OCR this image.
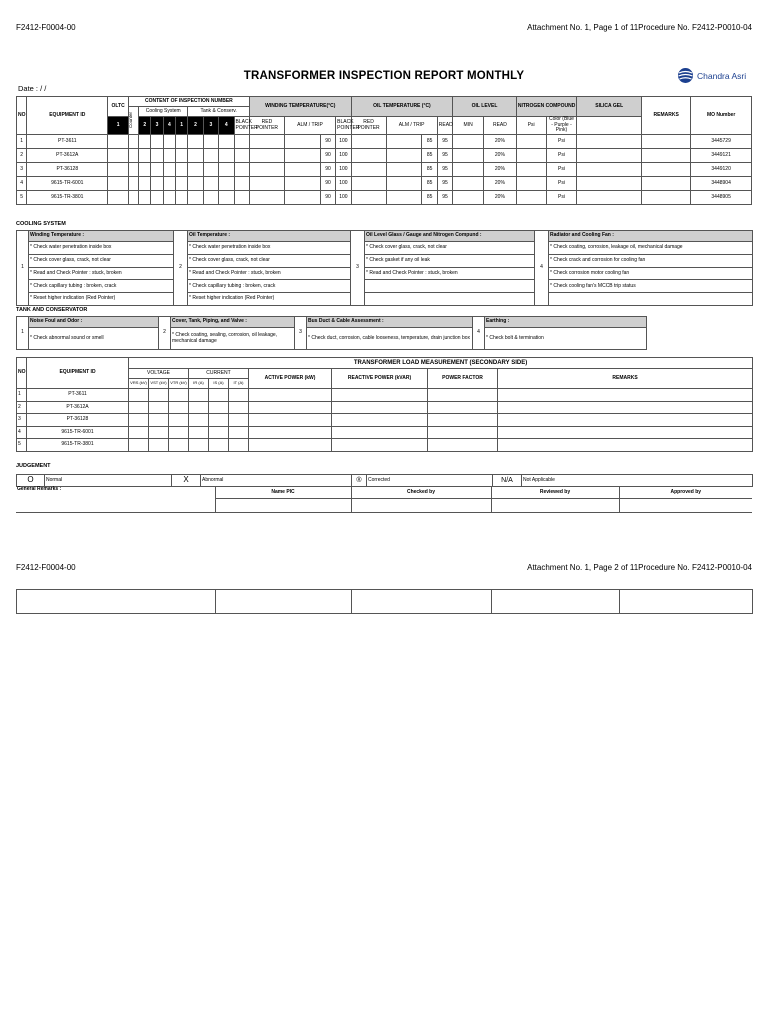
F2412-F0004-00	Attachment No. 1, Page 1 of 11Procedure No. F2412-P0010-04
TRANSFORMER INSPECTION REPORT MONTHLY
Date : / /
Chandra Asri
NO	EQUIPMENT ID	OLTC	CONTENT OF INSPECTION NUMBER									WINDING TEMPERATURE(°C)				OIL TEMPERATURE (°C)				OIL LEVEL		NITROGEN COMPOUND		SILICA GEL	REMARKS	MO Number

			Counter	Cooling System				Tank & Conserv.																		
		1		2	3	4	1	2	3	4	BLACK POINTER	RED POINTER	ALM / TRIP		BLACK POINTER	RED POINTER	ALM / TRIP		READ	MIN	READ	Psi	Color (Blue - Purple - Pink)			
1	PT-3611													90	100			85	95		20%		Psi			3445729
2	PT-3612A													90	100			85	95		20%		Psi			3449121
3	PT-36128													90	100			85	95		20%		Psi			3449120
4	9615-TR-6001													90	100			85	95		20%		Psi			3448904
5	9615-TR-3801													90	100			85	95		20%		Psi			3448905
COOLING SYSTEM
1	Winding Temperature :	2	Oil Temperature :	3	Oil Level Glass / Gauge and Nitrogen Compund :	4	Radiator and Cooling Fan :
	* Check water penetration inside box		* Check water penetration inside box		* Check cover glass, crack, not clear		* Check coating, corrosion, leakage oil, mechanical damage
	* Check cover glass, crack, not clear		* Check cover glass, crack, not clear		* Check gasket if any oil leak		* Check crack and corrosion for cooling fan
	* Read and Check Pointer : stuck, broken		* Read and Check Pointer : stuck, broken		* Read and Check Pointer : stuck, broken		* Check corrosion motor cooling fan
	* Check capillary tubing : broken, crack		* Check capillary tubing : broken, crack				* Check cooling fan's MCCB trip status
	* Reset higher indication (Red Pointer)		* Reset higher indication (Red Pointer)				
TANK AND CONSERVATOR
1	Noise Foul and Odor :	2	Cover, Tank, Piping, and Valve :	3	Bus Duct & Cable Assessment :	4	Earthing :
	* Check abnormal sound or smell		* Check coating, sealing, corrosion, oil leakage, mechanical damage		* Check duct, corrosion, cable looseness, temperature, drain junction box		* Check bolt & termination
NO	EQUIPMENT ID	TRANSFORMER LOAD MEASUREMENT (SECONDARY SIDE)									
		VOLTAGE			CURRENT			ACTIVE POWER (kW)	REACTIVE POWER (kVAR)	POWER FACTOR	REMARKS
		VRS (kV)	VST (kV)	VTR (kV)	IR (A)	IS (A)	IT (A)				
1	PT-3611										
2	PT-3612A										
3	PT-36128										
4	9615-TR-6001										
5	9615-TR-3801										
JUDGEMENT
O	Normal	X	Abnormal	®	Corrected	N/A	Not Applicable
General Remarks :	Name PIC	Checked by	Reviewed by	Approved by

F2412-F0004-00	Attachment No. 1, Page 2 of 11Procedure No. F2412-P0010-04
